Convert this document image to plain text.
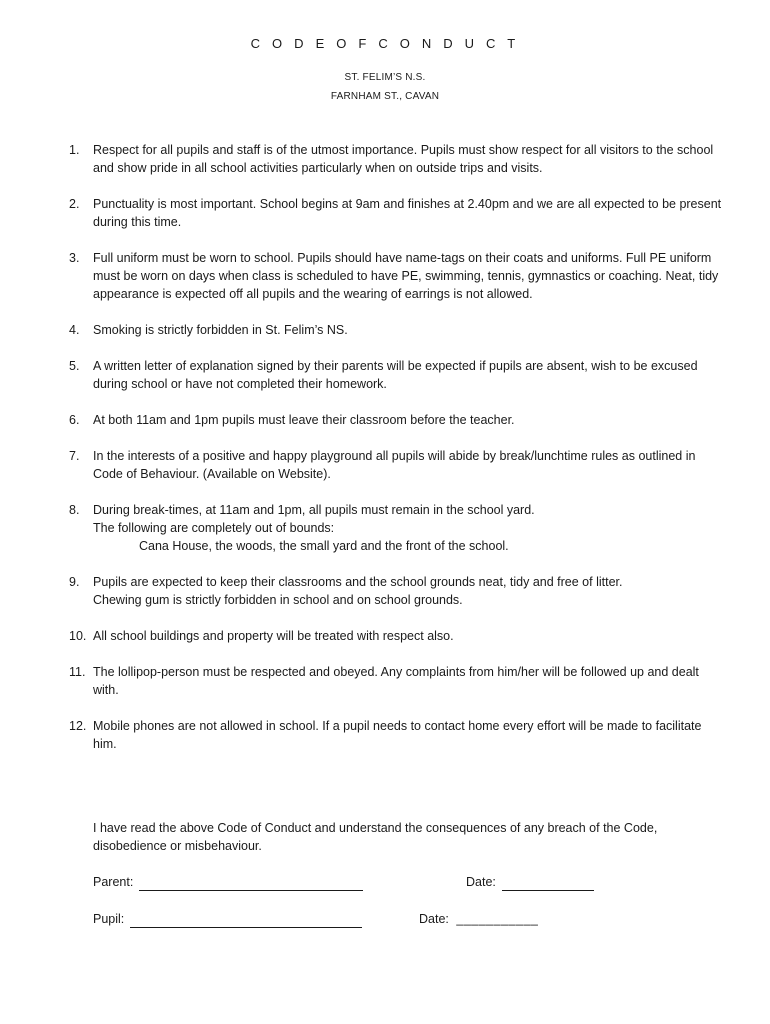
C O D E O F C O N D U C T
ST. FELIM’S N.S.
FARNHAM ST., CAVAN
1. Respect for all pupils and staff is of the utmost importance. Pupils must show respect for all visitors to the school and show pride in all school activities particularly when on outside trips and visits.
2. Punctuality is most important. School begins at 9am and finishes at 2.40pm and we are all expected to be present during this time.
3. Full uniform must be worn to school. Pupils should have name-tags on their coats and uniforms. Full PE uniform must be worn on days when class is scheduled to have PE, swimming, tennis, gymnastics or coaching. Neat, tidy appearance is expected off all pupils and the wearing of earrings is not allowed.
4. Smoking is strictly forbidden in St. Felim’s NS.
5. A written letter of explanation signed by their parents will be expected if pupils are absent, wish to be excused during school or have not completed their homework.
6. At both 11am and 1pm pupils must leave their classroom before the teacher.
7. In the interests of a positive and happy playground all pupils will abide by break/lunchtime rules as outlined in Code of Behaviour. (Available on Website).
8. During break-times, at 11am and 1pm, all pupils must remain in the school yard.
The following are completely out of bounds:
Cana House, the woods, the small yard and the front of the school.
9. Pupils are expected to keep their classrooms and the school grounds neat, tidy and free of litter.
Chewing gum is strictly forbidden in school and on school grounds.
10. All school buildings and property will be treated with respect also.
11. The lollipop-person must be respected and obeyed. Any complaints from him/her will be followed up and dealt with.
12. Mobile phones are not allowed in school. If a pupil needs to contact home every effort will be made to facilitate him.
I have read the above Code of Conduct and understand the consequences of any breach of the Code, disobedience or misbehaviour.
Parent:	Date:
Pupil:	Date: ___________
